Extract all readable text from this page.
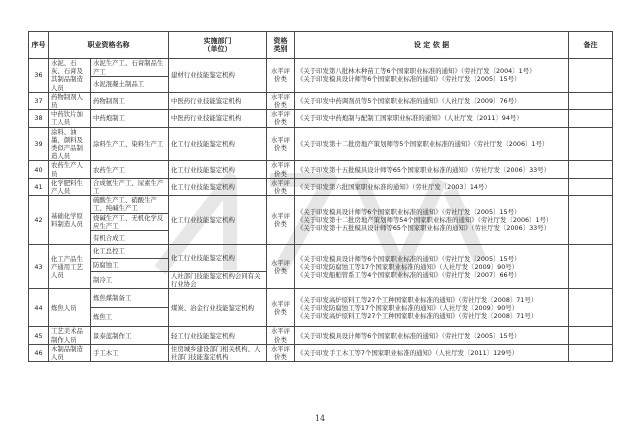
序号	职业资格名称		实施部门
（单位）	资格
类别	设 定 依 据	备注
36	水泥、石灰、石膏及其制品制造人员	水泥生产工、石膏制品生产工	建材行业技能鉴定机构	水平评价类	《关于印发第八批林木种苗工等6个国家职业标准的通知》（劳社厅发〔2004〕1号）
《关于印发模具设计师等6个国家职业标准的通知》（劳社厅发〔2005〕15号）	

		水泥混凝土制品工				
37	药物制剂人员	药物制剂工	中医药行业技能鉴定机构	水平评价类	《关于印发中药调剂员等5个国家职业标准的通知》（人社厅发〔2009〕76号）	

38	中药饮片加工人员	中药炮制工	中医药行业技能鉴定机构	水平评价类	《关于印发中药炮制与配制工国家职业标准的通知》（人社厅发〔2011〕94号）	

39	涂料、油墨、颜料及类似产品制造人员	涂料生产工、染料生产工	化工行业技能鉴定机构	水平评价类	《关于印发第十二批房地产策划师等5个国家职业标准的通知》（劳社厅发〔2006〕1号）	

40	农药生产人员	农药生产工	化工行业技能鉴定机构	水平评价类	《关于印发第十五批模具设计师等65个国家职业标准的通知》（劳社厅发〔2006〕33号）	

41	化学肥料生产人员	合成氨生产工、尿素生产工	化工行业技能鉴定机构	水平评价类	《关于印发第六批国家职业标准的通知》（劳社厅发〔2003〕14号）	

42	基础化学原料制造人员	硫酸生产工、硝酸生产工、纯碱生产工	化工行业技能鉴定机构	水平评价类	《关于印发模具设计师等6个国家职业标准的通知》（劳社厅发〔2005〕15号）
《关于印发第十二批房地产策划师等54个国家职业标准的通知》（劳社厅发〔2006〕1号）
《关于印发第十五批模具设计师等65个国家职业标准的通知》（劳社厅发〔2006〕33号）	

		烧碱生产工、无机化学反应生产工				
		有机合成工				
43	化工产品生产通用工艺人员	化工总控工	化工行业技能鉴定机构	水平评价类	《关于印发模具设计师等6个国家职业标准的通知》（劳社厅发〔2005〕15号）
《关于印发防腐蚀工等17个国家职业标准的通知》（人社厅发〔2009〕90号）
《关于印发船舶管系工等4个国家职业标准的通知》（劳社厅发〔2007〕66号）	

		防腐蚀工				
		制冷工	人社部门技能鉴定机构会同有关行业协会			
44	炼焦人员	炼焦煤制备工	煤炭、冶金行业技能鉴定机构	水平评价类	《关于印发高炉原料工等27个工种国家职业标准的通知》（劳社厅发〔2008〕71号）
《关于印发防腐蚀工等17个国家职业标准的通知》（人社厅发〔2009〕90号）
《关于印发高炉原料工等27个工种国家职业标准的通知》（劳社厅发〔2008〕71号）	

		炼焦工				
45	工艺美术品制作人员	景泰蓝制作工	轻工行业技能鉴定机构	水平评价类	《关于印发模具设计师等6个国家职业标准的通知》（劳社厅发〔2005〕15号）	

46	木制品制造人员	手工木工	住房城乡建设部门相关机构、人社部门技能鉴定机构	水平评价类	《关于印发手工木工等7个国家职业标准的通知》（人社厅发〔2011〕129号）	

14
